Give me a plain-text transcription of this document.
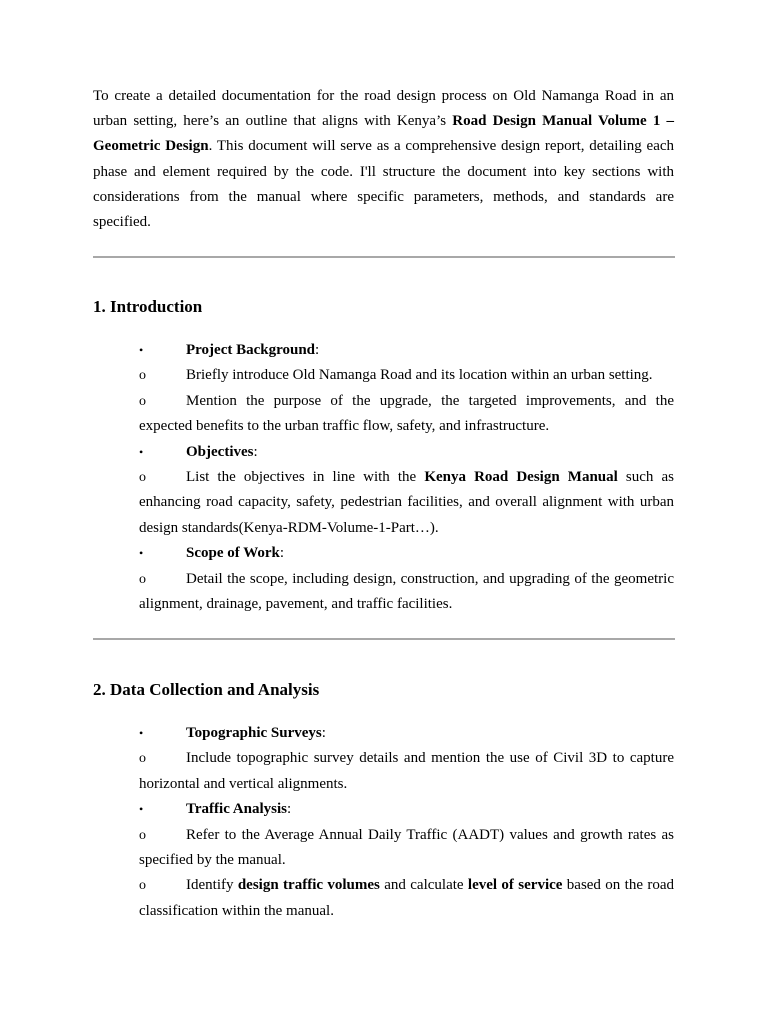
To create a detailed documentation for the road design process on Old Namanga Road in an urban setting, here’s an outline that aligns with Kenya’s Road Design Manual Volume 1 – Geometric Design. This document will serve as a comprehensive design report, detailing each phase and element required by the code. I'll structure the document into key sections with considerations from the manual where specific parameters, methods, and standards are specified.

1. Introduction
•	Project Background:
o	Briefly introduce Old Namanga Road and its location within an urban setting.
o	Mention the purpose of the upgrade, the targeted improvements, and the expected benefits to the urban traffic flow, safety, and infrastructure.
•	Objectives:
o	List the objectives in line with the Kenya Road Design Manual such as enhancing road capacity, safety, pedestrian facilities, and overall alignment with urban design standards(Kenya-RDM-Volume-1-Part…).
•	Scope of Work:
o	Detail the scope, including design, construction, and upgrading of the geometric alignment, drainage, pavement, and traffic facilities.
2. Data Collection and Analysis
•	Topographic Surveys:
o	Include topographic survey details and mention the use of Civil 3D to capture horizontal and vertical alignments.
•	Traffic Analysis:
o	Refer to the Average Annual Daily Traffic (AADT) values and growth rates as specified by the manual.
o	Identify design traffic volumes and calculate level of service based on the road classification within the manual.
